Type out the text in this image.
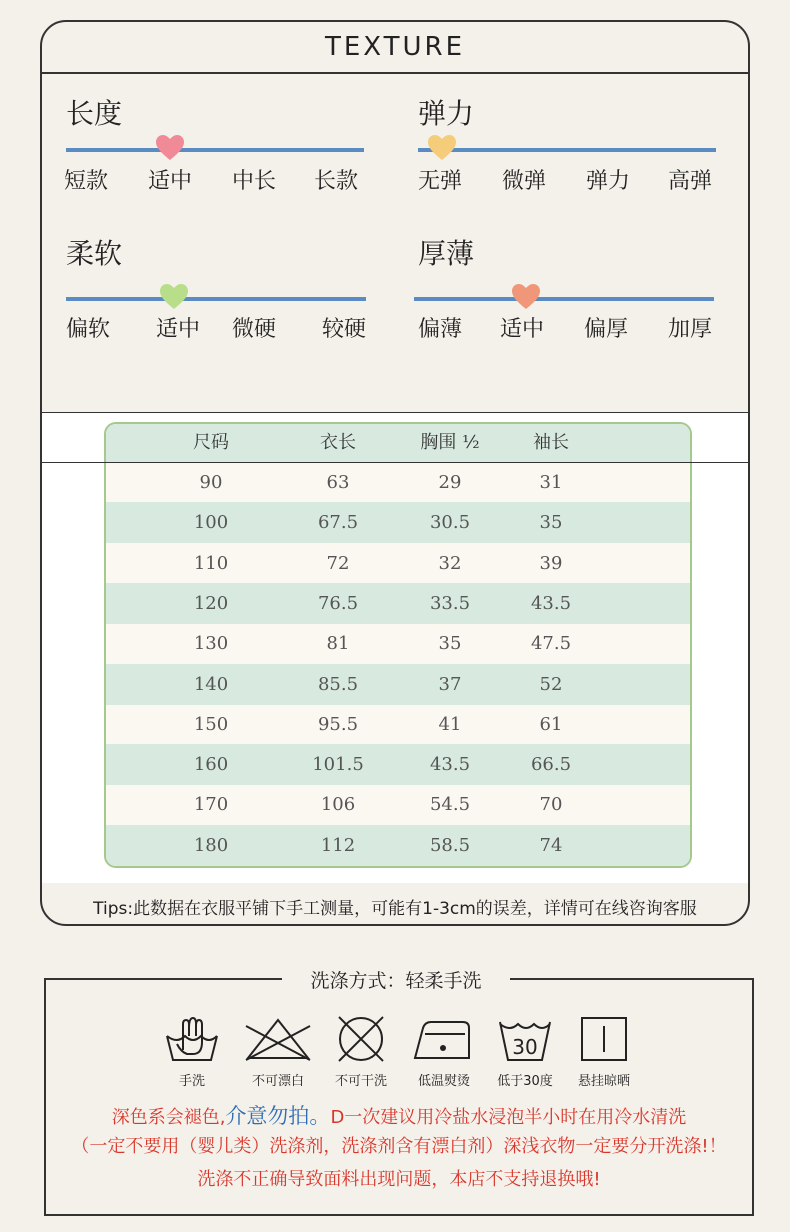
TEXTURE
长度
短款 适中 中长 长款
弹力
无弹 微弹 弹力 高弹
柔软
偏软 适中 微硬 较硬
厚薄
偏薄 适中 偏厚 加厚
尺码	衣长	胸围 ½	袖长
90	63	29	31
100	67.5	30.5	35
110	72	32	39
120	76.5	33.5	43.5
130	81	35	47.5
140	85.5	37	52
150	95.5	41	61
160	101.5	43.5	66.5
170	106	54.5	70
180	112	58.5	74
Tips:此数据在衣服平铺下手工测量，可能有1-3cm的误差，详情可在线咨询客服
洗涤方式：轻柔手洗
手洗	不可漂白	不可干洗	低温熨烫
30
低于30度	悬挂晾晒
深色系会褪色,介意勿拍。D一次建议用冷盐水浸泡半小时在用冷水清洗
（一定不要用（婴儿类）洗涤剂，洗涤剂含有漂白剂）深浅衣物一定要分开洗涤!！
洗涤不正确导致面料出现问题，本店不支持退换哦!
